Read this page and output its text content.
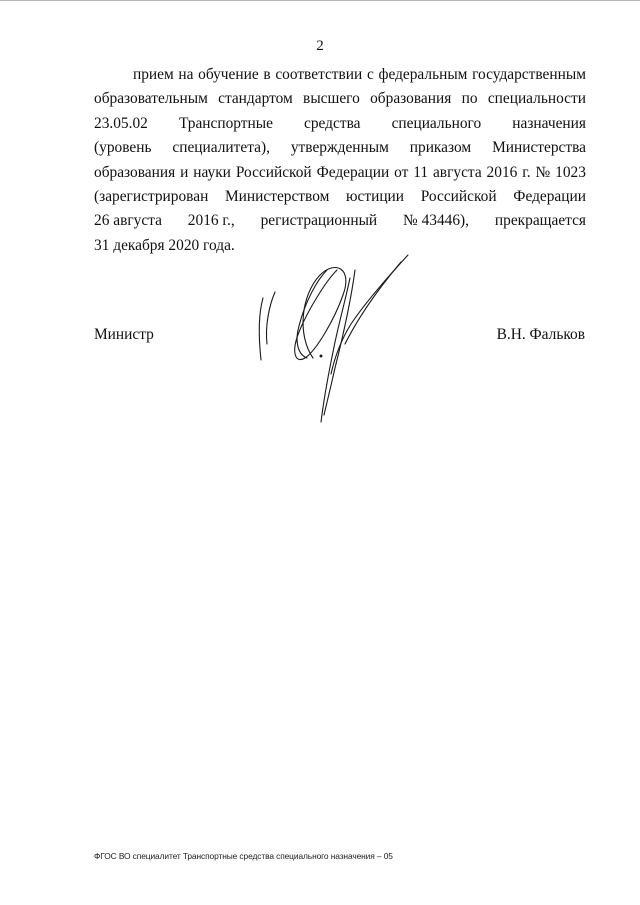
2
прием на обучение в соответствии с федеральным государственным
образовательным стандартом высшего образования по специальности
23.05.02 Транспортные средства специального назначения
(уровень специалитета), утвержденным приказом Министерства
образования и науки Российской Федерации от 11 августа 2016 г. № 1023
(зарегистрирован Министерством юстиции Российской Федерации
26 августа 2016 г., регистрационный № 43446), прекращается
31 декабря 2020 года.
Министр	В.Н. Фальков
ФГОС ВО специалитет Транспортные средства специального назначения – 05
